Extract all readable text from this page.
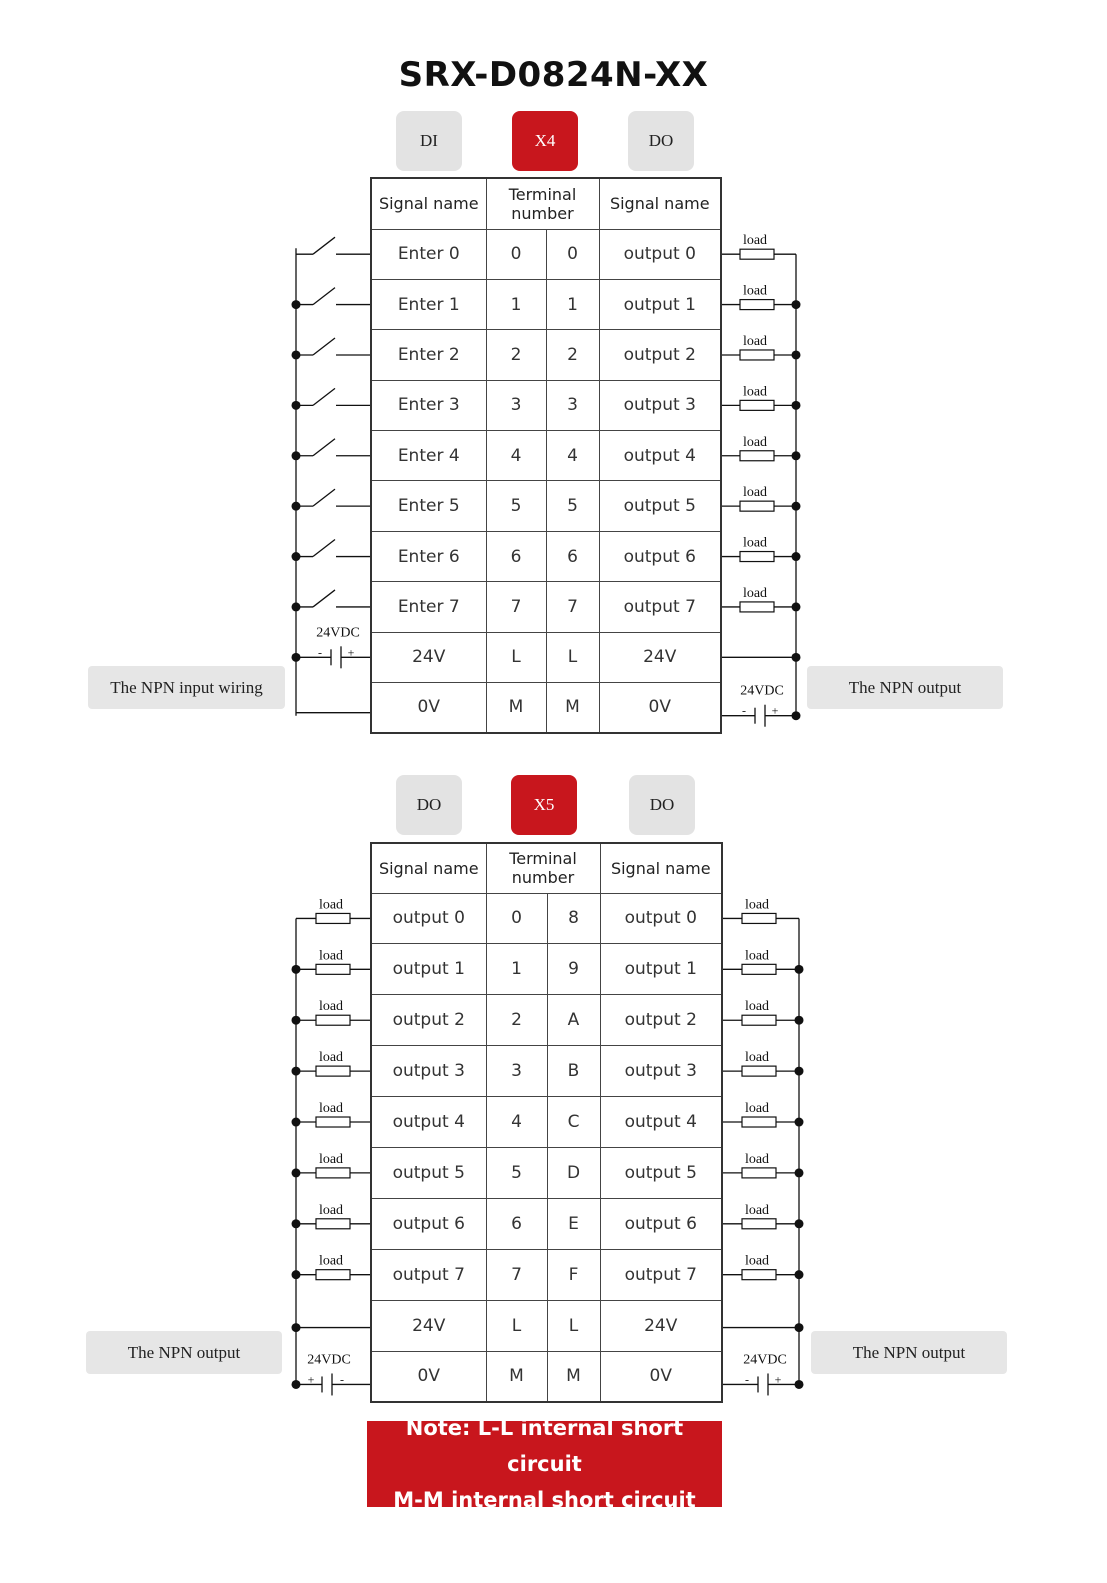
SRX-D0824N-XX
DI	X4	DO
Signal name	Terminal number		Signal name
Enter 0	0	0	output 0
Enter 1	1	1	output 1
Enter 2	2	2	output 2
Enter 3	3	3	output 3
Enter 4	4	4	output 4
Enter 5	5	5	output 5
Enter 6	6	6	output 6
Enter 7	7	7	output 7
24V	L	L	24V
0V	M	M	0V
The NPN input wiring	The NPN output
DO	X5	DO
Signal name	Terminal number		Signal name
output 0	0	8	output 0
output 1	1	9	output 1
output 2	2	A	output 2
output 3	3	B	output 3
output 4	4	C	output 4
output 5	5	D	output 5
output 6	6	E	output 6
output 7	7	F	output 7
24V	L	L	24V
0V	M	M	0V
The NPN output	The NPN output
load
load
load
load
load
load
load
load
24VDC
- +
24VDC
- +
load	load
load	load
load	load
load	load
load	load
load	load
load	load
load	load
24VDC
+ -
24VDC
- +
Note: L-L internal short circuit
M-M internal short circuit
